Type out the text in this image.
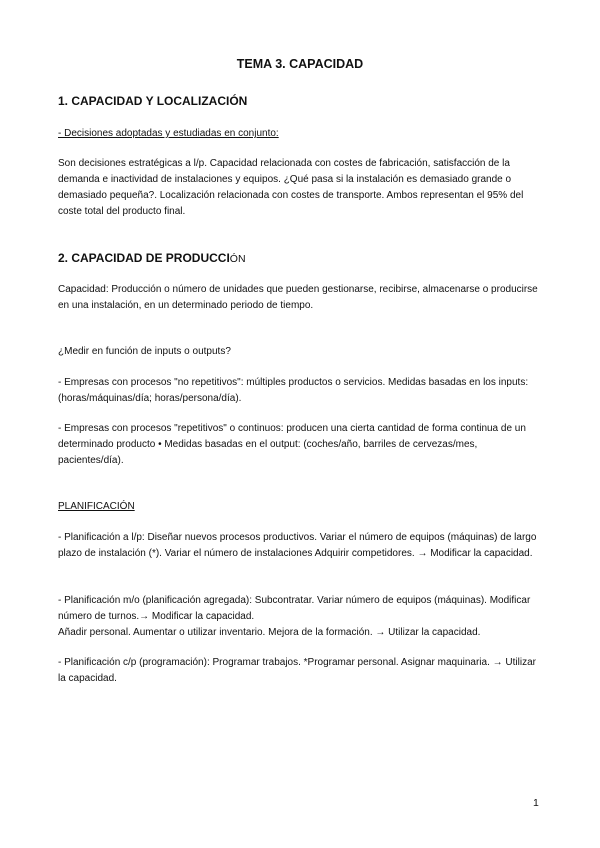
TEMA 3. CAPACIDAD
1. CAPACIDAD Y LOCALIZACIÓN
- Decisiones adoptadas y estudiadas en conjunto:
Son decisiones estratégicas a l/p. Capacidad relacionada con costes de fabricación, satisfacción de la demanda e inactividad de instalaciones y equipos. ¿Qué pasa si la instalación es demasiado grande o demasiado pequeña?. Localización relacionada con costes de transporte. Ambos representan el 95% del coste total del producto final.
2. CAPACIDAD DE PRODUCCIÓN
Capacidad: Producción o número de unidades que pueden gestionarse, recibirse, almacenarse o producirse en una instalación, en un determinado periodo de tiempo.
¿Medir en función de inputs o outputs?
- Empresas con procesos "no repetitivos": múltiples productos o servicios. Medidas basadas en los inputs: (horas/máquinas/día; horas/persona/día).
- Empresas con procesos "repetitivos" o continuos: producen una cierta cantidad de forma continua de un determinado producto • Medidas basadas en el output: (coches/año, barriles de cervezas/mes, pacientes/día).
PLANIFICACIÓN
- Planificación a l/p: Diseñar nuevos procesos productivos. Variar el número de equipos (máquinas) de largo plazo de instalación (*). Variar el número de instalaciones Adquirir competidores. → Modificar la capacidad.
- Planificación m/o (planificación agregada): Subcontratar. Variar número de equipos (máquinas). Modificar número de turnos.→ Modificar la capacidad.
Añadir personal. Aumentar o utilizar inventario. Mejora de la formación. → Utilizar la capacidad.
- Planificación c/p (programación): Programar trabajos. *Programar personal. Asignar maquinaria. → Utilizar la capacidad.
1
